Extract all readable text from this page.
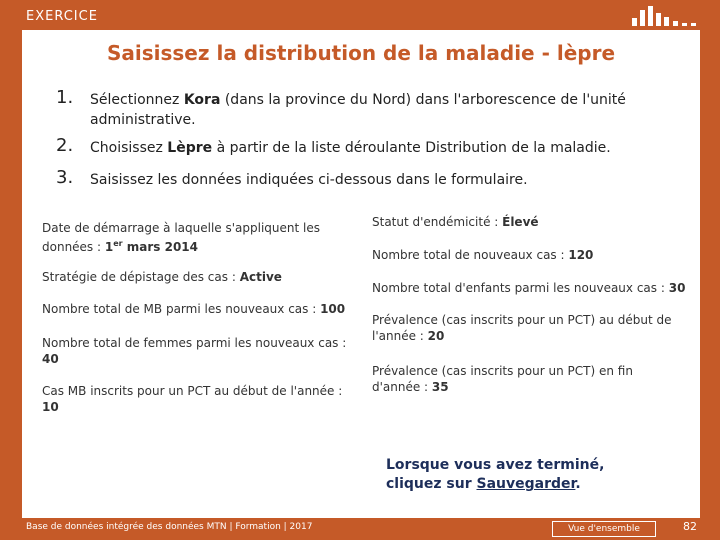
EXERCICE
Saisissez la distribution de la maladie - lèpre
1. Sélectionnez Kora (dans la province du Nord) dans l'arborescence de l'unité administrative.
2. Choisissez Lèpre à partir de la liste déroulante Distribution de la maladie.
3. Saisissez les données indiquées ci-dessous dans le formulaire.
Date de démarrage à laquelle s'appliquent les données : 1er mars 2014
Stratégie de dépistage des cas : Active
Nombre total de MB parmi les nouveaux cas : 100
Nombre total de femmes parmi les nouveaux cas : 40
Cas MB inscrits pour un PCT au début de l'année : 10
Statut d'endémicité : Élevé
Nombre total de nouveaux cas : 120
Nombre total d'enfants parmi les nouveaux cas : 30
Prévalence (cas inscrits pour un PCT) au début de l'année : 20
Prévalence (cas inscrits pour un PCT) en fin d'année : 35
Lorsque vous avez terminé,
cliquez sur Sauvegarder.
Base de données intégrée des données MTN | Formation | 2017	Vue d'ensemble	82
